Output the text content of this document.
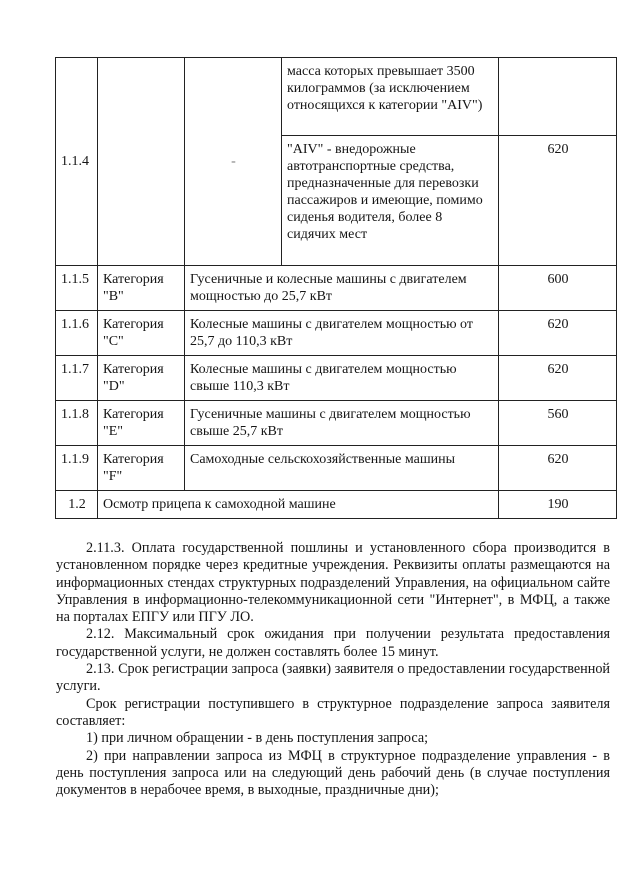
1.1.4		-	масса которых превышает 3500 килограммов (за исключением относящихся к категории "AIV")	
			"AIV" - внедорожные автотранспортные средства, предназначенные для перевозки пассажиров и имеющие, помимо сиденья водителя, более 8 сидячих мест	620
1.1.5	Категория "B"	Гусеничные и колесные машины с двигателем мощностью до 25,7 кВт		600
1.1.6	Категория "C"	Колесные машины с двигателем мощностью от 25,7 до 110,3 кВт		620
1.1.7	Категория "D"	Колесные машины с двигателем мощностью свыше 110,3 кВт		620
1.1.8	Категория "E"	Гусеничные машины с двигателем мощностью свыше 25,7 кВт		560
1.1.9	Категория "F"	Самоходные сельскохозяйственные машины		620
1.2	Осмотр прицепа к самоходной машине			190

2.11.3. Оплата государственной пошлины и установленного сбора производится в установленном порядке через кредитные учреждения. Реквизиты оплаты размещаются на информационных стендах структурных подразделений Управления, на официальном сайте Управления в информационно-телекоммуникационной сети "Интернет", в МФЦ, а также на порталах ЕПГУ или ПГУ ЛО.

2.12. Максимальный срок ожидания при получении результата предоставления государственной услуги, не должен составлять более 15 минут.

2.13. Срок регистрации запроса (заявки) заявителя о предоставлении государственной услуги.

Срок регистрации поступившего в структурное подразделение запроса заявителя составляет:

1) при личном обращении - в день поступления запроса;

2) при направлении запроса из МФЦ в структурное подразделение управления - в день поступления запроса или на следующий день рабочий день (в случае поступления документов в нерабочее время, в выходные, праздничные дни);
